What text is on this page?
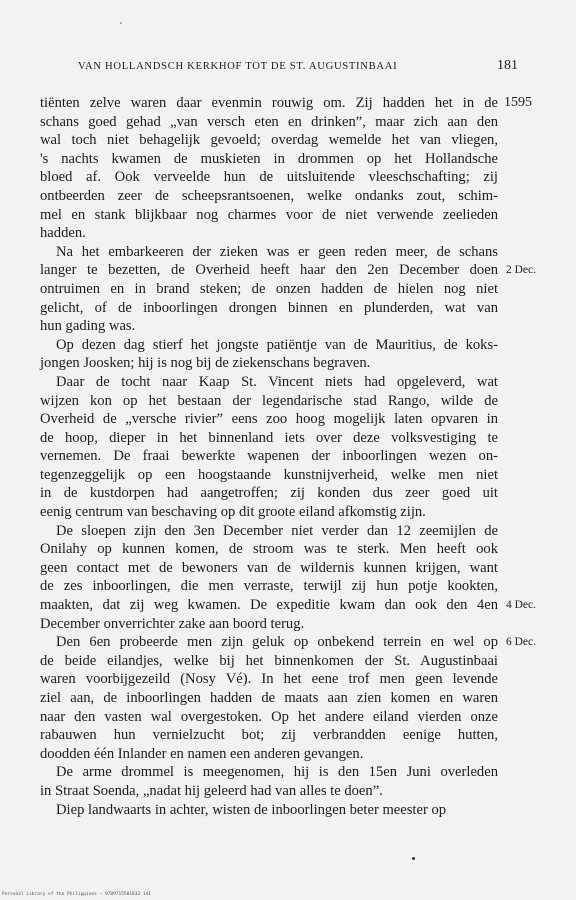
VAN HOLLANDSCH KERKHOF TOT DE ST. AUGUSTINBAAI	181
tiënten zelve waren daar evenmin rouwig om. Zij hadden het in de
schans goed gehad „van versch eten en drinken”, maar zich aan den
wal toch niet behagelijk gevoeld; overdag wemelde het van vliegen,
's nachts kwamen de muskieten in drommen op het Hollandsche
bloed af. Ook verveelde hun de uitsluitende vleeschschafting; zij
ontbeerden zeer de scheepsrantsoenen, welke ondanks zout, schim-
mel en stank blijkbaar nog charmes voor de niet verwende zeelieden
hadden.
Na het embarkeeren der zieken was er geen reden meer, de schans
langer te bezetten, de Overheid heeft haar den 2en December doen
ontruimen en in brand steken; de onzen hadden de hielen nog niet
gelicht, of de inboorlingen drongen binnen en plunderden, wat van
hun gading was.
Op dezen dag stierf het jongste patiëntje van de Mauritius, de koks-
jongen Joosken; hij is nog bij de ziekenschans begraven.
Daar de tocht naar Kaap St. Vincent niets had opgeleverd, wat
wijzen kon op het bestaan der legendarische stad Rango, wilde de
Overheid de „versche rivier” eens zoo hoog mogelijk laten opvaren in
de hoop, dieper in het binnenland iets over deze volksvestiging te
vernemen. De fraai bewerkte wapenen der inboorlingen wezen on-
tegenzeggelijk op een hoogstaande kunstnijverheid, welke men niet
in de kustdorpen had aangetroffen; zij konden dus zeer goed uit
eenig centrum van beschaving op dit groote eiland afkomstig zijn.
De sloepen zijn den 3en December niet verder dan 12 zeemijlen de
Onilahy op kunnen komen, de stroom was te sterk. Men heeft ook
geen contact met de bewoners van de wildernis kunnen krijgen, want
de zes inboorlingen, die men verraste, terwijl zij hun potje kookten,
maakten, dat zij weg kwamen. De expeditie kwam dan ook den 4en
December onverrichter zake aan boord terug.
Den 6en probeerde men zijn geluk op onbekend terrein en wel op
de beide eilandjes, welke bij het binnenkomen der St. Augustinbaai
waren voorbijgezeild (Nosy Vé). In het eene trof men geen levende
ziel aan, de inboorlingen hadden de maats aan zien komen en waren
naar den vasten wal overgestoken. Op het andere eiland vierden onze
rabauwen hun vernielzucht bot; zij verbrandden eenige hutten,
doodden één Inlander en namen een anderen gevangen.
De arme drommel is meegenomen, hij is den 15en Juni overleden
in Straat Soenda, „nadat hij geleerd had van alles te doen”.
Diep landwaarts in achter, wisten de inboorlingen beter meester op
1595
2 Dec.
4 Dec.
6 Dec.
Personal Library of the Philippines — 9789715501833 141
